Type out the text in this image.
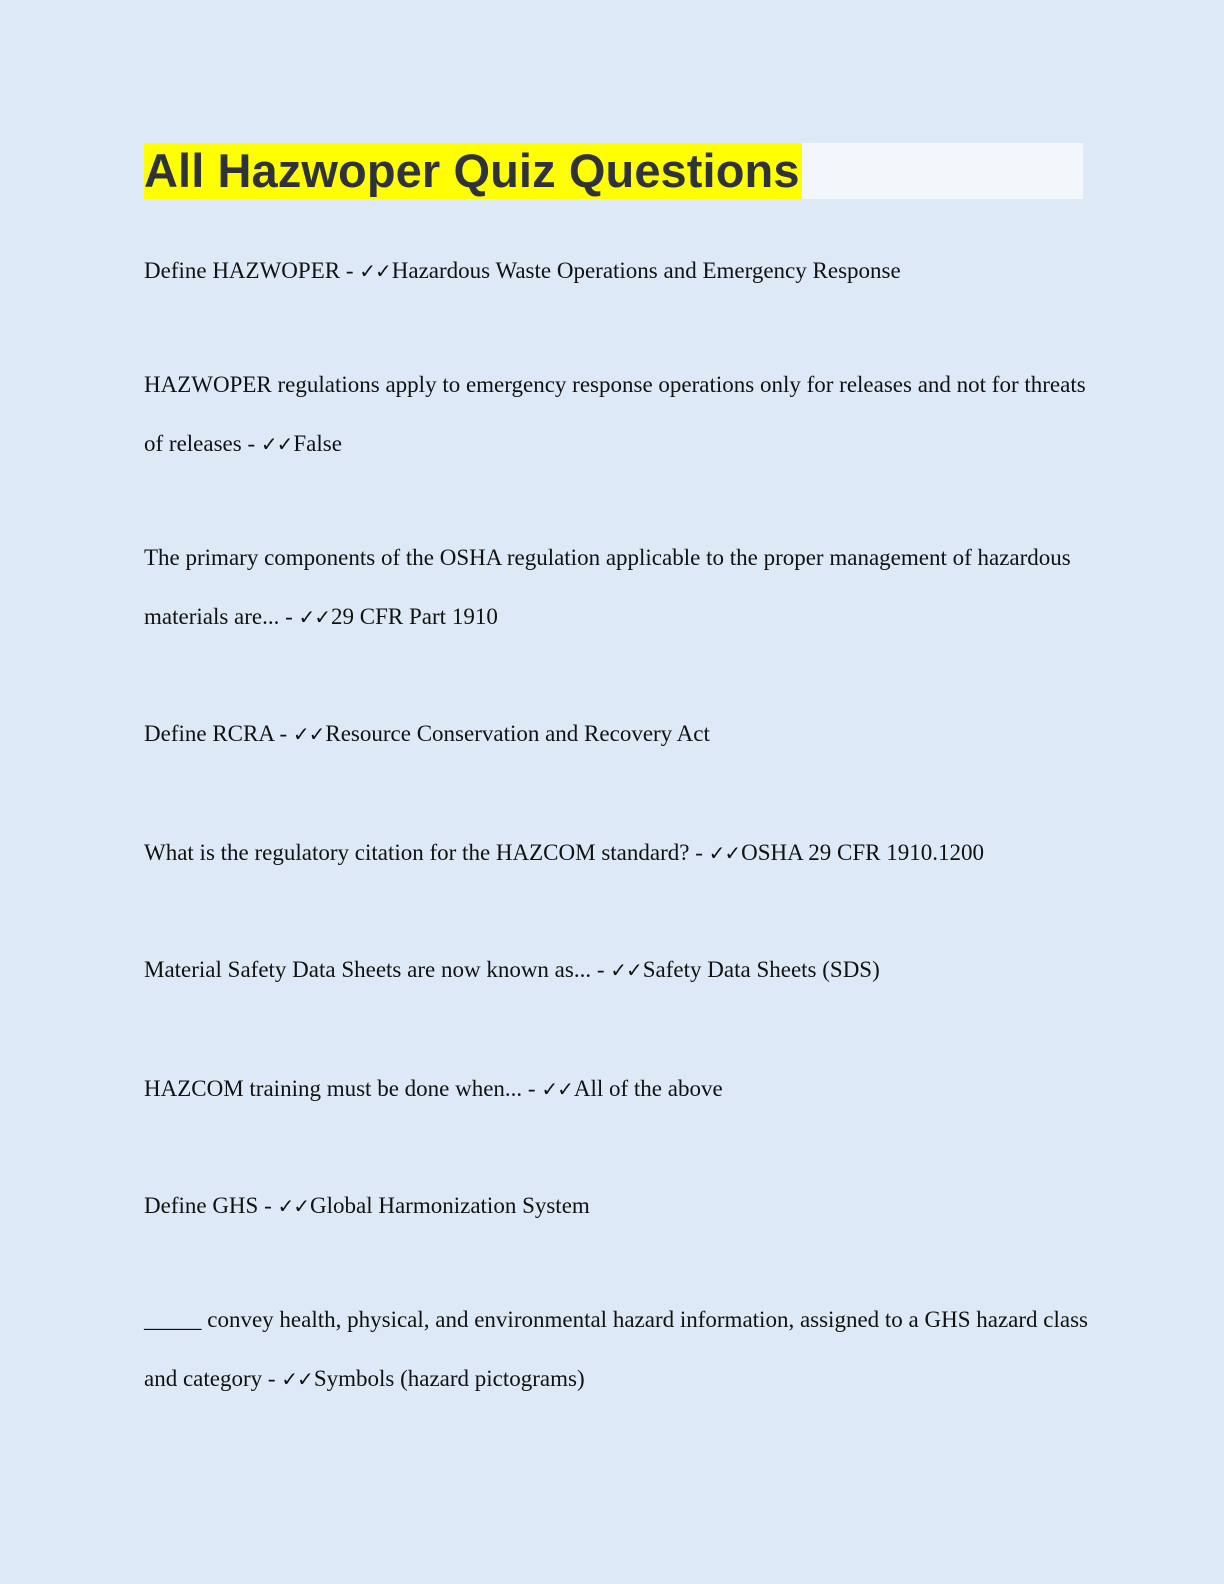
All Hazwoper Quiz Questions

Define HAZWOPER - ✓✓Hazardous Waste Operations and Emergency Response

HAZWOPER regulations apply to emergency response operations only for releases and not for threats of releases - ✓✓False

The primary components of the OSHA regulation applicable to the proper management of hazardous materials are... - ✓✓29 CFR Part 1910

Define RCRA - ✓✓Resource Conservation and Recovery Act

What is the regulatory citation for the HAZCOM standard? - ✓✓OSHA 29 CFR 1910.1200

Material Safety Data Sheets are now known as... - ✓✓Safety Data Sheets (SDS)

HAZCOM training must be done when... - ✓✓All of the above

Define GHS - ✓✓Global Harmonization System

_____ convey health, physical, and environmental hazard information, assigned to a GHS hazard class and category - ✓✓Symbols (hazard pictograms)
